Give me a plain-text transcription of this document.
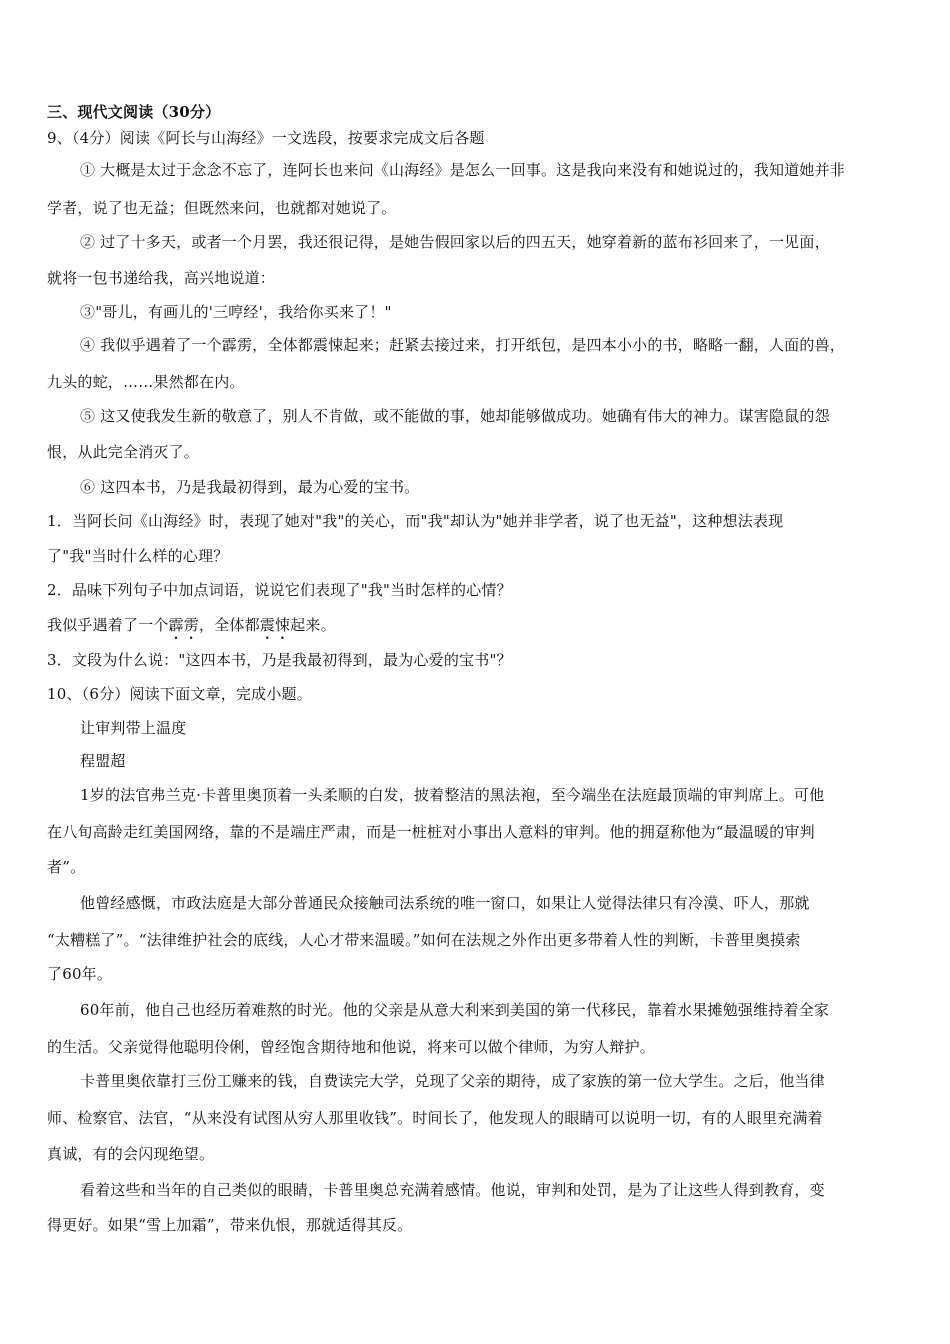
三、现代文阅读（30分）
9、（4分）阅读《阿长与山海经》一文选段，按要求完成文后各题
① 大概是太过于念念不忘了，连阿长也来问《山海经》是怎么一回事。这是我向来没有和她说过的，我知道她并非
学者，说了也无益；但既然来问，也就都对她说了。
② 过了十多天，或者一个月罢，我还很记得，是她告假回家以后的四五天，她穿着新的蓝布衫回来了，一见面，
就将一包书递给我，高兴地说道：
③"哥儿，有画儿的'三哼经'，我给你买来了！"
④ 我似乎遇着了一个霹雳，全体都震悚起来；赶紧去接过来，打开纸包，是四本小小的书，略略一翻，人面的兽，
九头的蛇，……果然都在内。
⑤ 这又使我发生新的敬意了，别人不肯做，或不能做的事，她却能够做成功。她确有伟大的神力。谋害隐鼠的怨
恨，从此完全消灭了。
⑥ 这四本书，乃是我最初得到，最为心爱的宝书。
1．当阿长问《山海经》时，表现了她对"我"的关心，而"我"却认为"她并非学者，说了也无益"，这种想法表现
了"我"当时什么样的心理？
2．品味下列句子中加点词语，说说它们表现了"我"当时怎样的心情？
我似乎遇着了一个霹雳，全体都震悚起来。
3．文段为什么说："这四本书，乃是我最初得到，最为心爱的宝书"？
10、（6分）阅读下面文章，完成小题。
让审判带上温度
程盟超
1岁的法官弗兰克·卡普里奥顶着一头柔顺的白发，披着整洁的黑法袍，至今端坐在法庭最顶端的审判席上。可他
在八旬高龄走红美国网络，靠的不是端庄严肃，而是一桩桩对小事出人意料的审判。他的拥趸称他为“最温暖的审判
者”。
他曾经感慨，市政法庭是大部分普通民众接触司法系统的唯一窗口，如果让人觉得法律只有冷漠、吓人，那就
“太糟糕了”。“法律维护社会的底线，人心才带来温暖。”如何在法规之外作出更多带着人性的判断，卡普里奥摸索
了60年。
60年前，他自己也经历着难熬的时光。他的父亲是从意大利来到美国的第一代移民，靠着水果摊勉强维持着全家
的生活。父亲觉得他聪明伶俐，曾经饱含期待地和他说，将来可以做个律师，为穷人辩护。
卡普里奥依靠打三份工赚来的钱，自费读完大学，兑现了父亲的期待，成了家族的第一位大学生。之后，他当律
师、检察官、法官，“从来没有试图从穷人那里收钱”。时间长了，他发现人的眼睛可以说明一切，有的人眼里充满着
真诚，有的会闪现绝望。
看着这些和当年的自己类似的眼睛，卡普里奥总充满着感情。他说，审判和处罚，是为了让这些人得到教育，变
得更好。如果“雪上加霜”，带来仇恨，那就适得其反。
